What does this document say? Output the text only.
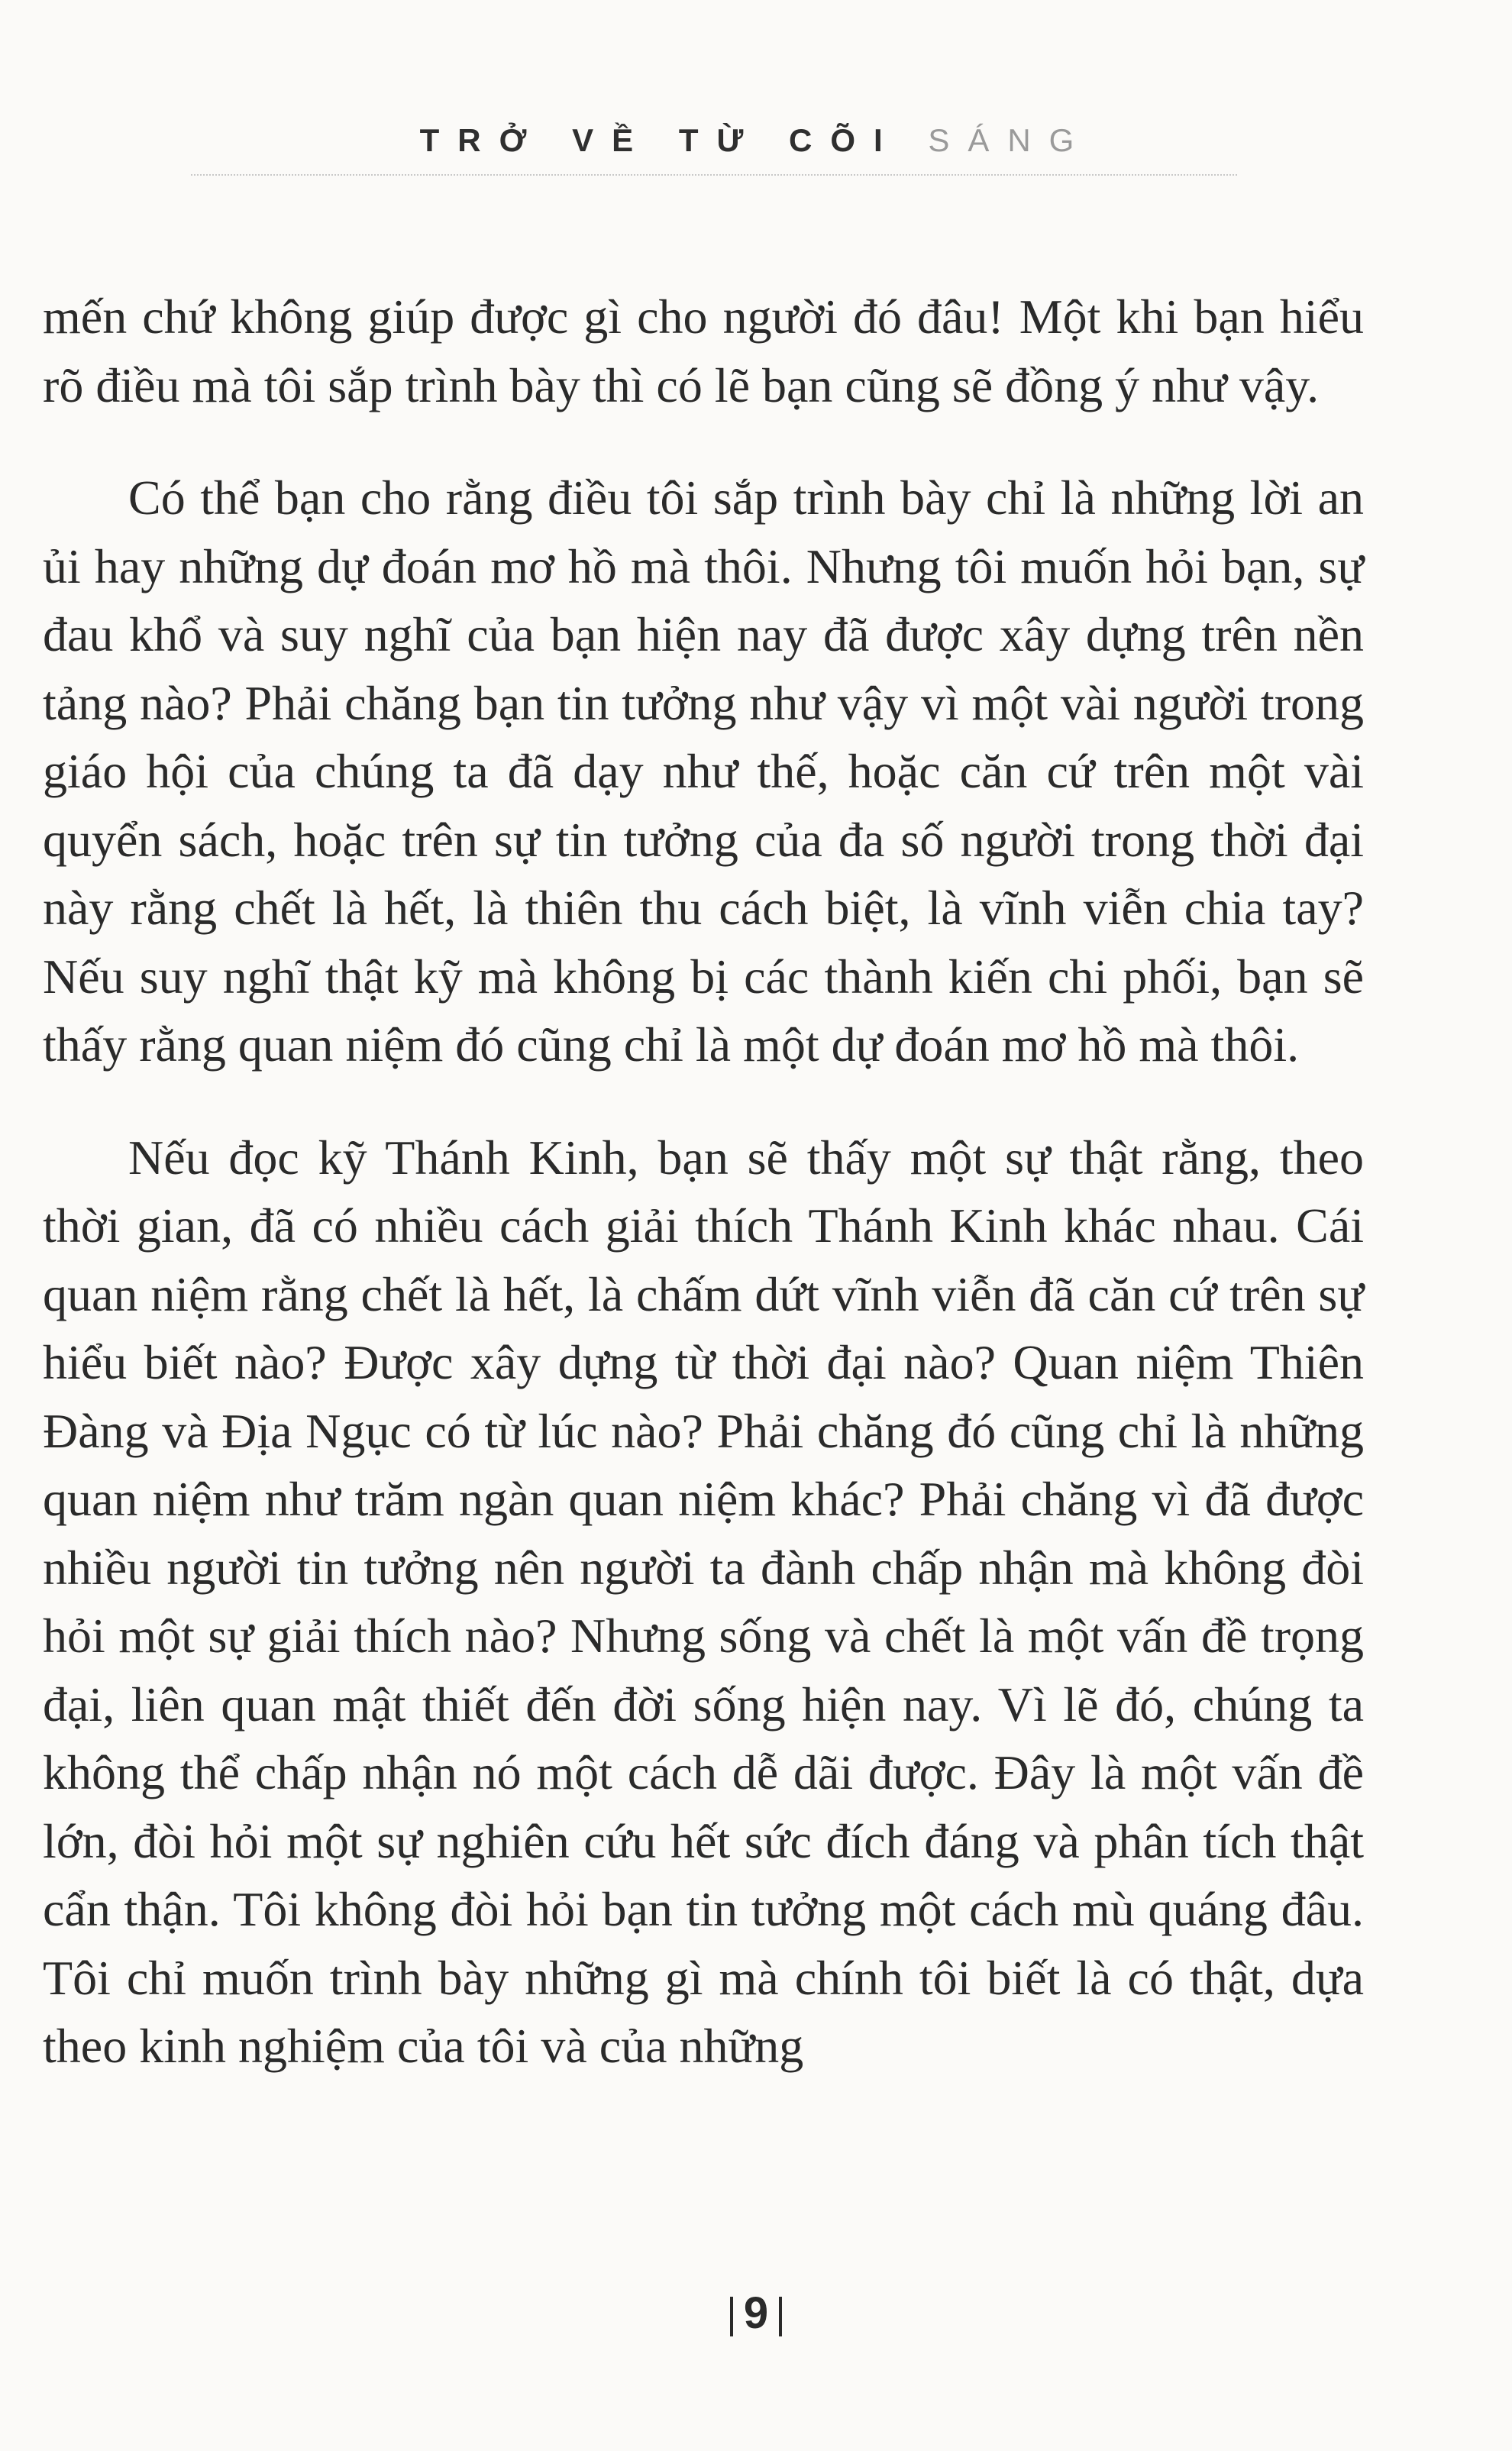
TRỞ VỀ TỪ CÕI SÁNG

mến chứ không giúp được gì cho người đó đâu! Một khi bạn hiểu rõ điều mà tôi sắp trình bày thì có lẽ bạn cũng sẽ đồng ý như vậy.

Có thể bạn cho rằng điều tôi sắp trình bày chỉ là những lời an ủi hay những dự đoán mơ hồ mà thôi. Nhưng tôi muốn hỏi bạn, sự đau khổ và suy nghĩ của bạn hiện nay đã được xây dựng trên nền tảng nào? Phải chăng bạn tin tưởng như vậy vì một vài người trong giáo hội của chúng ta đã dạy như thế, hoặc căn cứ trên một vài quyển sách, hoặc trên sự tin tưởng của đa số người trong thời đại này rằng chết là hết, là thiên thu cách biệt, là vĩnh viễn chia tay? Nếu suy nghĩ thật kỹ mà không bị các thành kiến chi phối, bạn sẽ thấy rằng quan niệm đó cũng chỉ là một dự đoán mơ hồ mà thôi.

Nếu đọc kỹ Thánh Kinh, bạn sẽ thấy một sự thật rằng, theo thời gian, đã có nhiều cách giải thích Thánh Kinh khác nhau. Cái quan niệm rằng chết là hết, là chấm dứt vĩnh viễn đã căn cứ trên sự hiểu biết nào? Được xây dựng từ thời đại nào? Quan niệm Thiên Đàng và Địa Ngục có từ lúc nào? Phải chăng đó cũng chỉ là những quan niệm như trăm ngàn quan niệm khác? Phải chăng vì đã được nhiều người tin tưởng nên người ta đành chấp nhận mà không đòi hỏi một sự giải thích nào? Nhưng sống và chết là một vấn đề trọng đại, liên quan mật thiết đến đời sống hiện nay. Vì lẽ đó, chúng ta không thể chấp nhận nó một cách dễ dãi được. Đây là một vấn đề lớn, đòi hỏi một sự nghiên cứu hết sức đích đáng và phân tích thật cẩn thận. Tôi không đòi hỏi bạn tin tưởng một cách mù quáng đâu. Tôi chỉ muốn trình bày những gì mà chính tôi biết là có thật, dựa theo kinh nghiệm của tôi và của những

9
